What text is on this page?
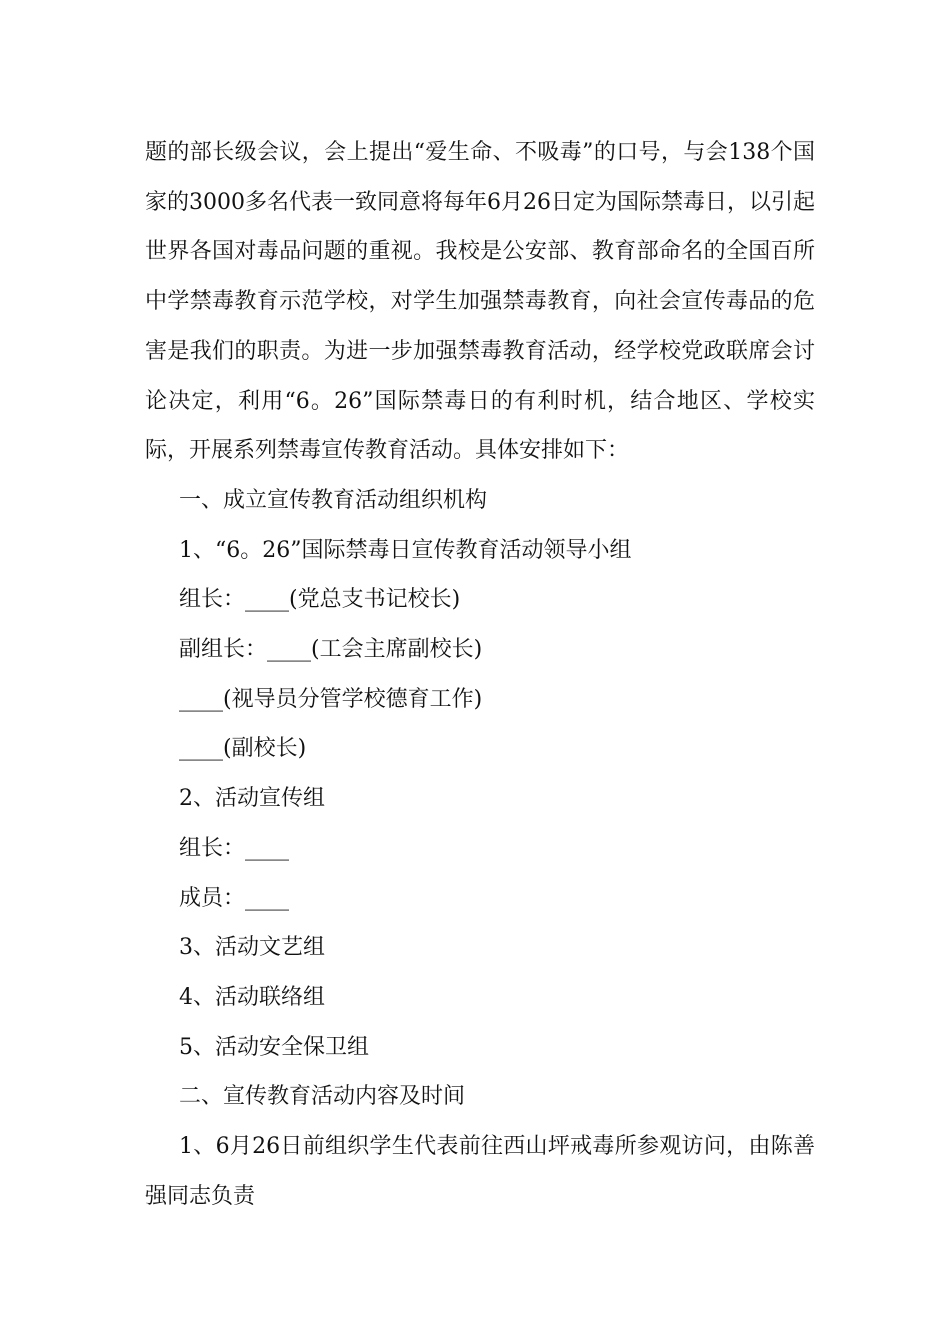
题的部长级会议，会上提出“爱生命、不吸毒”的口号，与会138个国家的3000多名代表一致同意将每年6月26日定为国际禁毒日，以引起世界各国对毒品问题的重视。我校是公安部、教育部命名的全国百所中学禁毒教育示范学校，对学生加强禁毒教育，向社会宣传毒品的危害是我们的职责。为进一步加强禁毒教育活动，经学校党政联席会讨论决定，利用“6。26”国际禁毒日的有利时机，结合地区、学校实际，开展系列禁毒宣传教育活动。具体安排如下：

一、成立宣传教育活动组织机构

1、“6。26”国际禁毒日宣传教育活动领导小组

组长：____(党总支书记校长)

副组长：____(工会主席副校长)

____(视导员分管学校德育工作)

____(副校长)

2、活动宣传组

组长：____

成员：____

3、活动文艺组

4、活动联络组

5、活动安全保卫组

二、宣传教育活动内容及时间

1、6月26日前组织学生代表前往西山坪戒毒所参观访问，由陈善强同志负责
